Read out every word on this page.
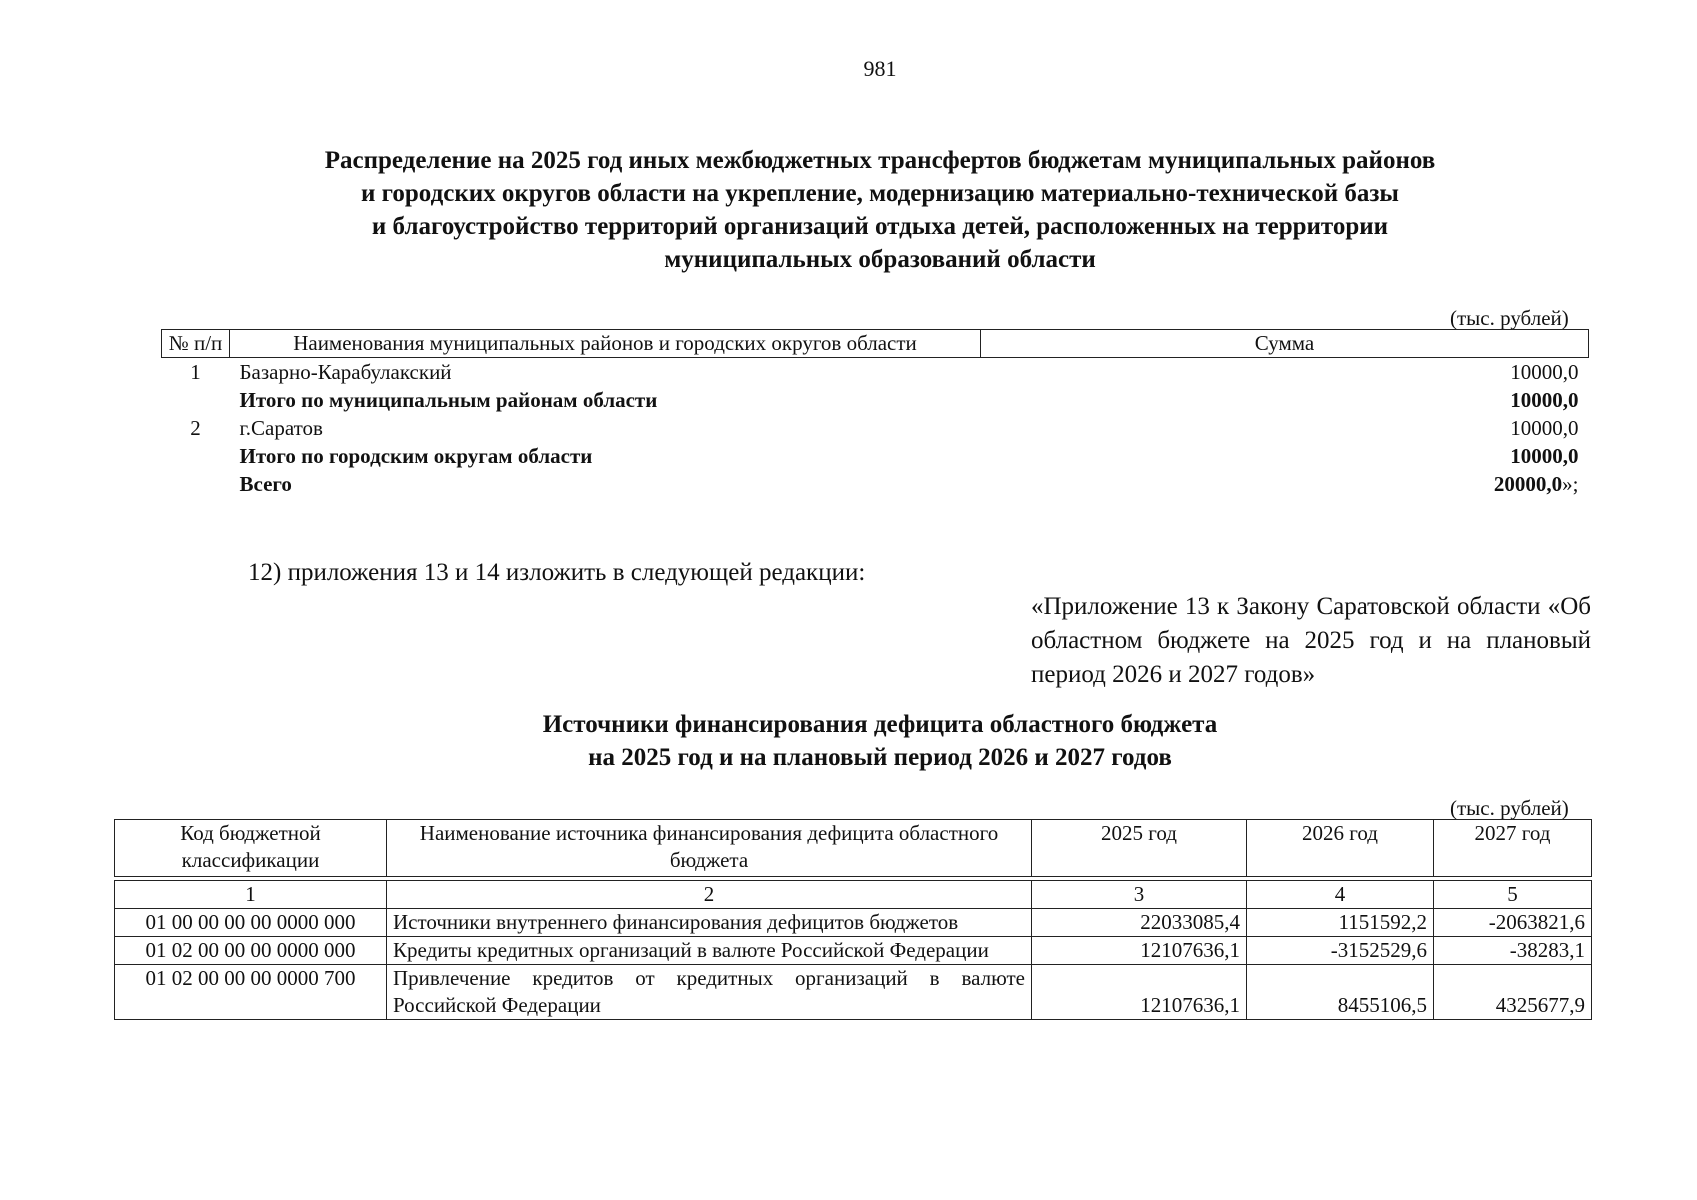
981
Распределение на 2025 год иных межбюджетных трансфертов бюджетам муниципальных районов
и городских округов области на укрепление, модернизацию материально-технической базы
и благоустройство территорий организаций отдыха детей, расположенных на территории
муниципальных образований области
(тыс. рублей)
№ п/п	Наименования муниципальных районов и городских округов области	Сумма
1	Базарно-Карабулакский	10000,0
	Итого по муниципальным районам области	10000,0
2	г.Саратов	10000,0
	Итого по городским округам области	10000,0
	Всего	20000,0»;
12) приложения 13 и 14 изложить в следующей редакции:
«Приложение 13 к Закону Саратовской области «Об областном бюджете на 2025 год и на плановый период 2026 и 2027 годов»
Источники финансирования дефицита областного бюджета
на 2025 год и на плановый период 2026 и 2027 годов
(тыс. рублей)
Код бюджетной классификации	Наименование источника финансирования дефицита областного бюджета	2025 год	2026 год	2027 год

1	2	3	4	5
01 00 00 00 00 0000 000	Источники внутреннего финансирования дефицитов бюджетов	22033085,4	1151592,2	-2063821,6
01 02 00 00 00 0000 000	Кредиты кредитных организаций в валюте Российской Федерации	12107636,1	-3152529,6	-38283,1
01 02 00 00 00 0000 700	Привлечение кредитов от кредитных организаций в валюте Российской Федерации	12107636,1	8455106,5	4325677,9
